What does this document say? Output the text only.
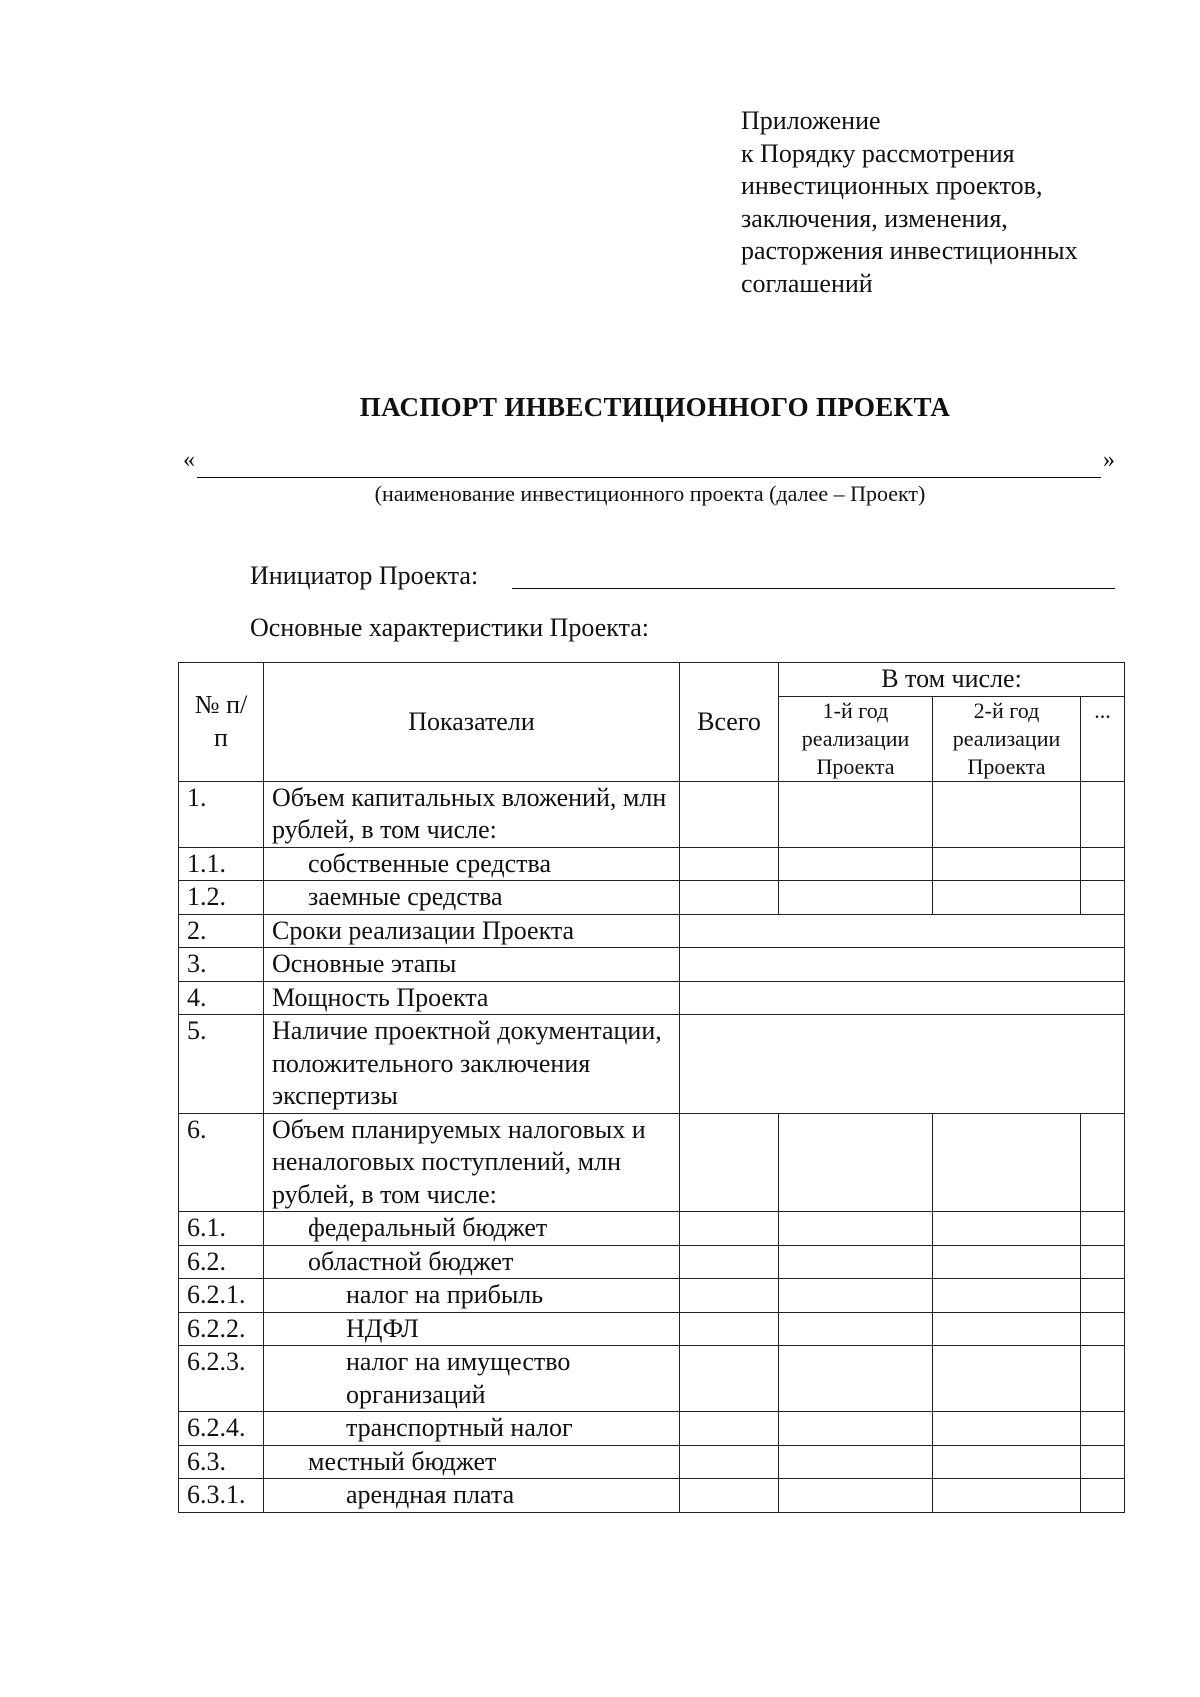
Приложение
к Порядку рассмотрения
инвестиционных проектов,
заключения, изменения,
расторжения инвестиционных
соглашений
ПАСПОРТ ИНВЕСТИЦИОННОГО ПРОЕКТА
«	»
(наименование инвестиционного проекта (далее – Проект)
Инициатор Проекта:
Основные характеристики Проекта:
№ п/п	Показатели	Всего	В том числе:		
			1-й год реализации Проекта	2-й год реализации Проекта	...
1.	Объем капитальных вложений, млн рублей, в том числе:				
1.1.	собственные средства				
1.2.	заемные средства				
2.	Сроки реализации Проекта				
3.	Основные этапы				
4.	Мощность Проекта				
5.	Наличие проектной документации, положительного заключения экспертизы				
6.	Объем планируемых налоговых и неналоговых поступлений, млн рублей, в том числе:				
6.1.	федеральный бюджет				
6.2.	областной бюджет				
6.2.1.	налог на прибыль				
6.2.2.	НДФЛ				
6.2.3.	налог на имущество организаций				
6.2.4.	транспортный налог				
6.3.	местный бюджет				
6.3.1.	арендная плата				
